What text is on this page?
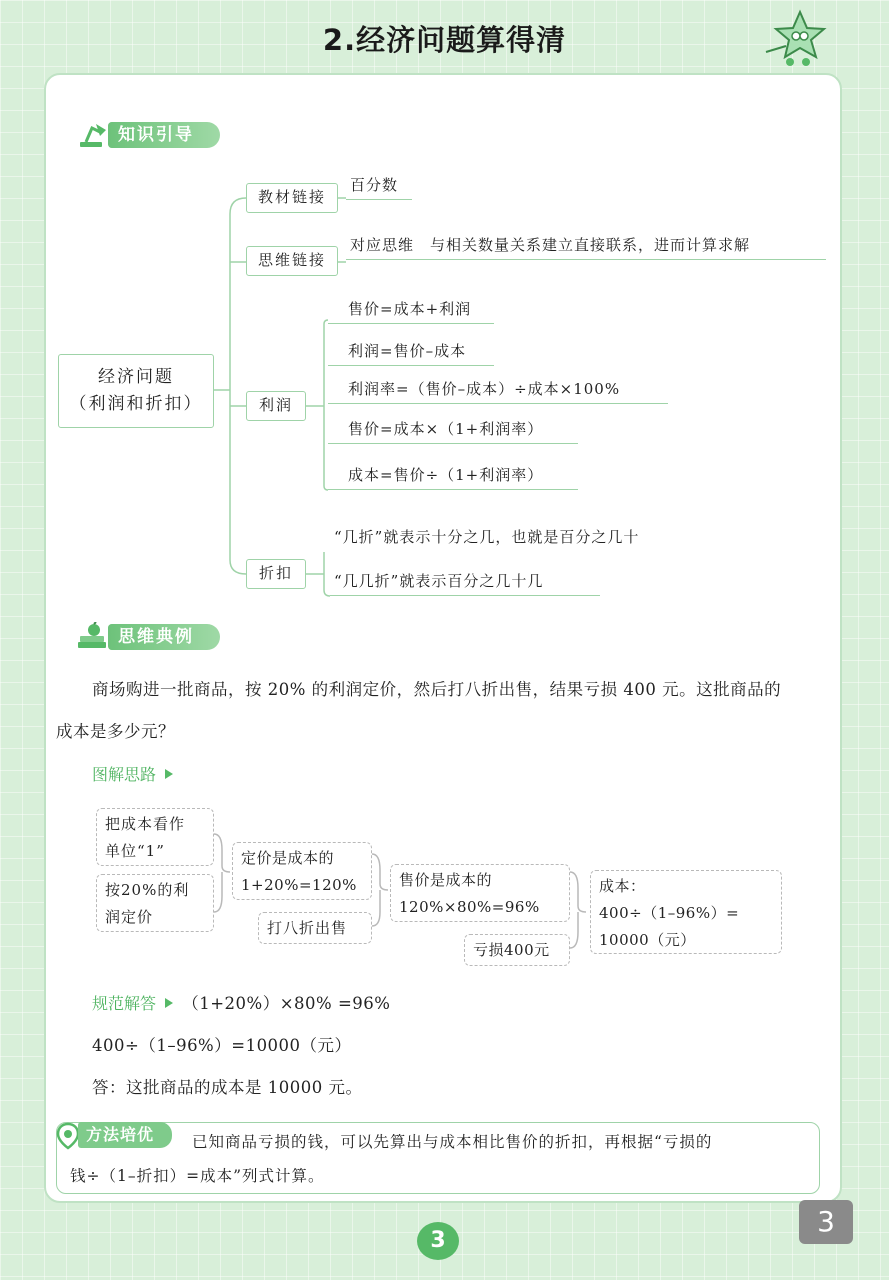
2.经济问题算得清
知识引导
经济问题
（利润和折扣）
教材链接
百分数
思维链接
对应思维　与相关数量关系建立直接联系，进而计算求解
利润
售价=成本+利润
利润=售价–成本
利润率=（售价–成本）÷成本×100%
售价=成本×（1+利润率）
成本=售价÷（1+利润率）
折扣
“几折”就表示十分之几，也就是百分之几十
“几几折”就表示百分之几十几
思维典例
商场购进一批商品，按 20% 的利润定价，然后打八折出售，结果亏损 400 元。这批商品的
成本是多少元？
图解思路
把成本看作
单位“1”
按20%的利
润定价
定价是成本的
1+20%=120%
打八折出售
售价是成本的
120%×80%=96%
亏损400元
成本：
400÷（1–96%）=
10000（元）
规范解答 （1+20%）×80% =96%
400÷（1–96%）=10000（元）
答：这批商品的成本是 10000 元。
方法培优	已知商品亏损的钱，可以先算出与成本相比售价的折扣，再根据“亏损的
钱÷（1–折扣）=成本”列式计算。
3
3
